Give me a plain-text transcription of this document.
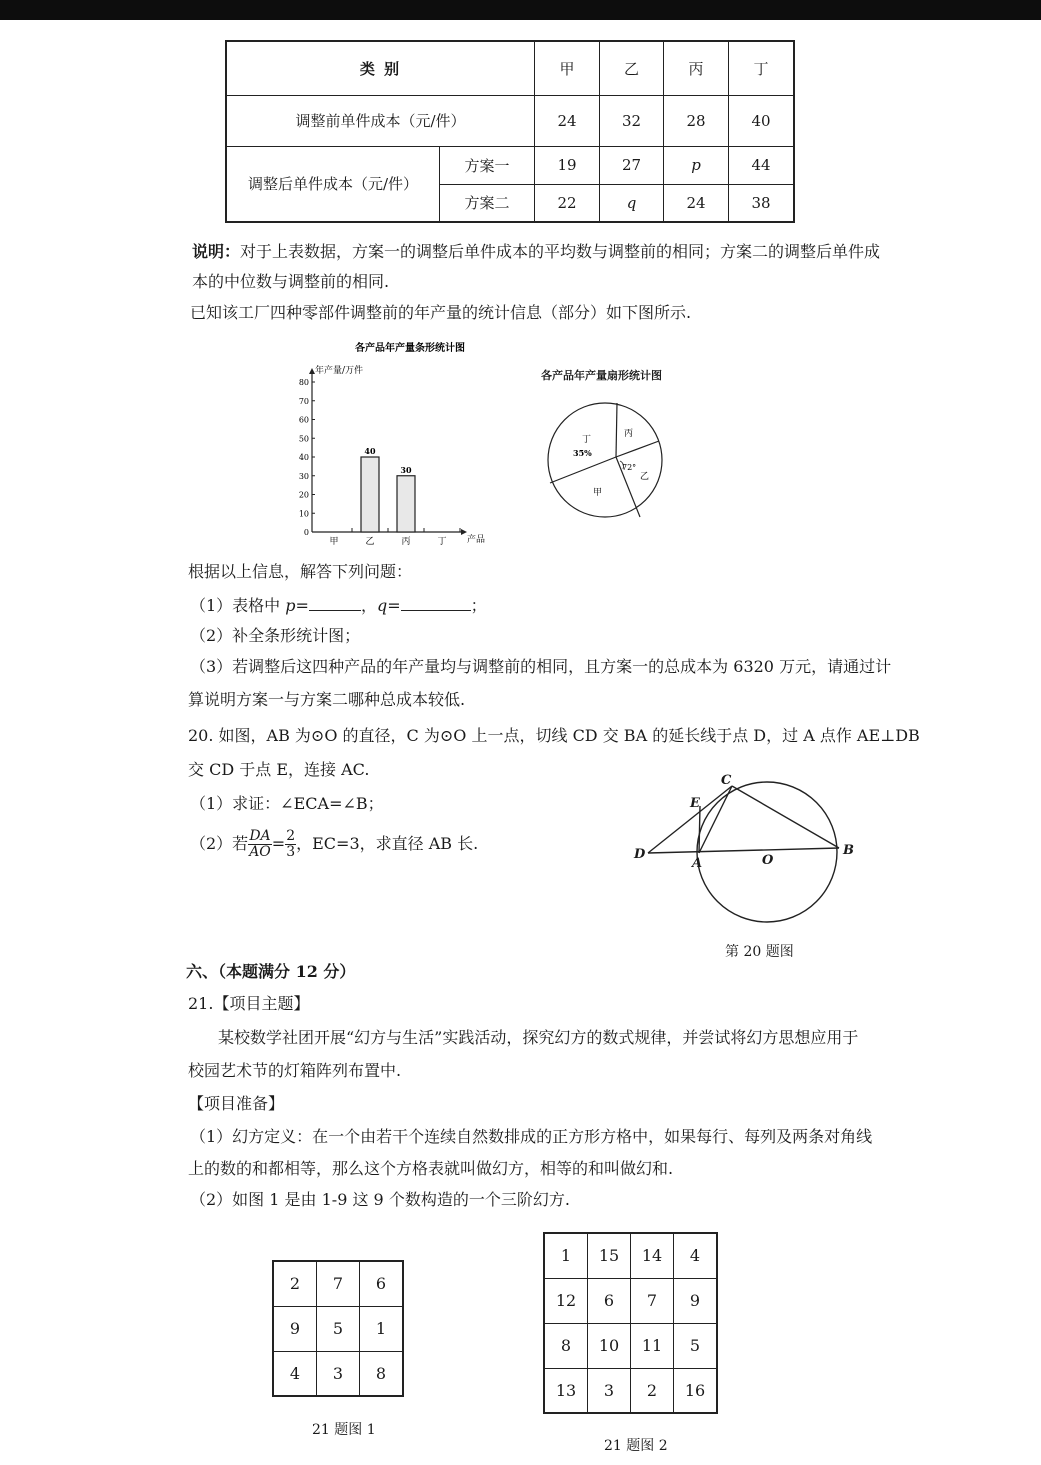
类 别		甲	乙	丙	丁
调整前单件成本（元/件）		24	32	28	40
调整后单件成本（元/件）	方案一	19	27	p	44
	方案二	22	q	24	38
说明：对于上表数据，方案一的调整后单件成本的平均数与调整前的相同；方案二的调整后单件成
本的中位数与调整前的相同.
已知该工厂四种零部件调整前的年产量的统计信息（部分）如下图所示.
各产品年产量条形统计图
年产量/万件
产品
0
10
20
30
40
50
60
70
80
40
30
甲	乙	丙	丁
各产品年产量扇形统计图
丁
35%
丙
72°
乙
甲
根据以上信息，解答下列问题：
（1）表格中 p=	，q=	；
（2）补全条形统计图；
（3）若调整后这四种产品的年产量均与调整前的相同，且方案一的总成本为 6320 万元，请通过计
算说明方案一与方案二哪种总成本较低.
20. 如图，AB 为⊙O 的直径，C 为⊙O 上一点，切线 CD 交 BA 的延长线于点 D，过 A 点作 AE⊥DB
交 CD 于点 E，连接 AC.
（1）求证：∠ECA=∠B；
（2）若 $\frac{DA}{AO} = \frac{2}{3}$ ，EC=3，求直径 AB 长.
C
E
D
A	O
B
第 20 题图
六、（本题满分 12 分）
21.【项目主题】
某校数学社团开展“幻方与生活”实践活动，探究幻方的数式规律，并尝试将幻方思想应用于
校园艺术节的灯箱阵列布置中.
【项目准备】
（1）幻方定义：在一个由若干个连续自然数排成的正方形方格中，如果每行、每列及两条对角线
上的数的和都相等，那么这个方格表就叫做幻方，相等的和叫做幻和.
（2）如图 1 是由 1-9 这 9 个数构造的一个三阶幻方.
2	7	6
9	5	1
4	3	8
21 题图 1
1	15	14	4
12	6	7	9
8	10	11	5
13	3	2	16
21 题图 2
